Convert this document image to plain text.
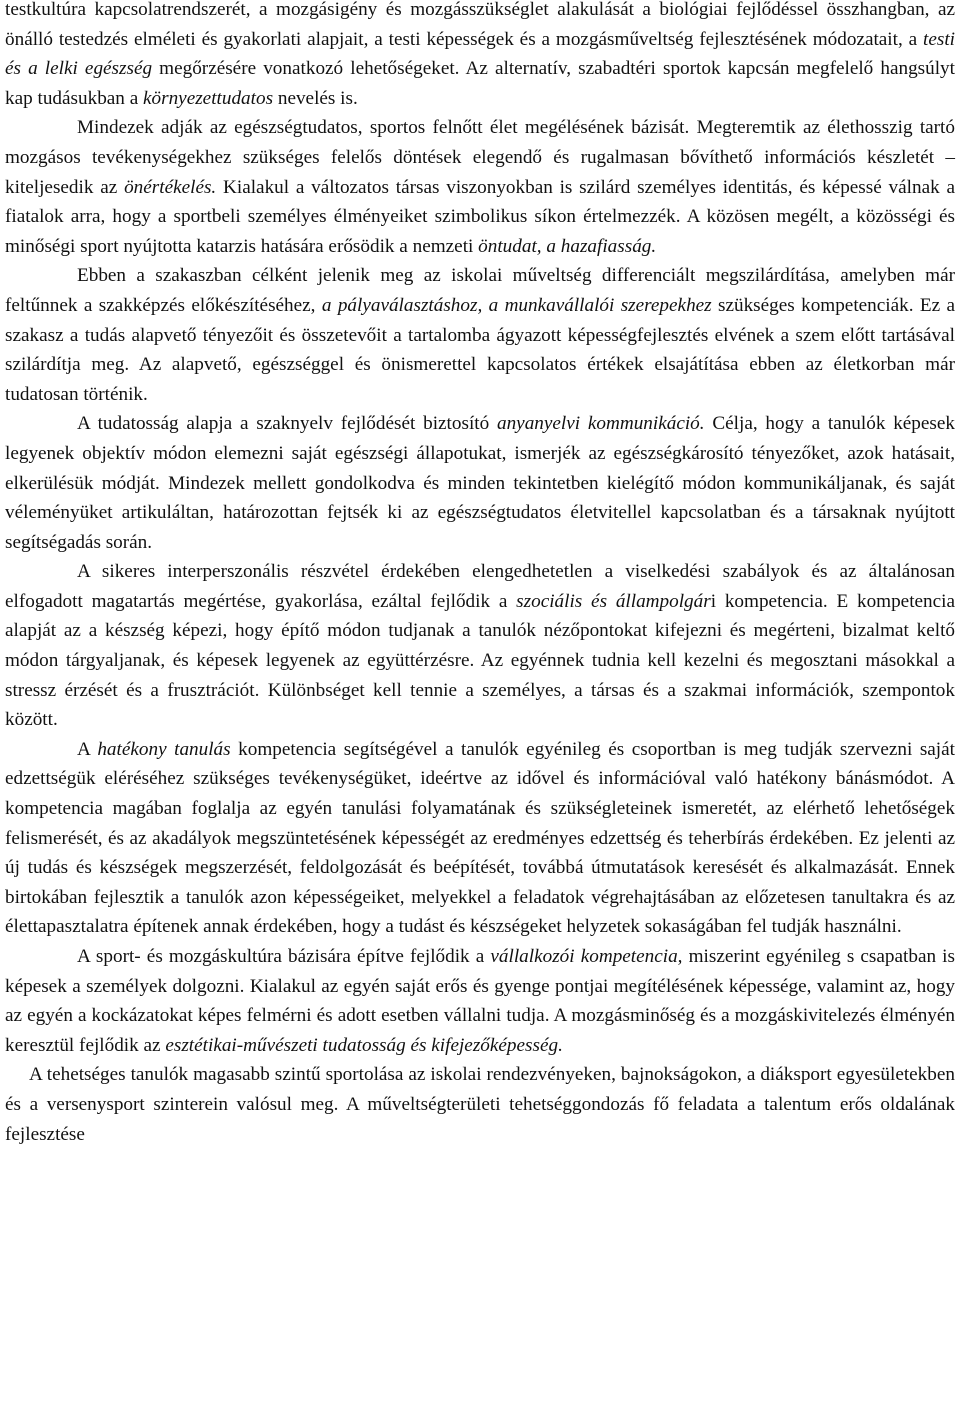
testkultúra kapcsolatrendszerét, a mozgásigény és mozgásszükséglet alakulását a biológiai fejlődéssel összhangban, az önálló testedzés elméleti és gyakorlati alapjait, a testi képességek és a mozgásműveltség fejlesztésének módozatait, a testi és a lelki egészség megőrzésére vonatkozó lehetőségeket. Az alternatív, szabadtéri sportok kapcsán megfelelő hangsúlyt kap tudásukban a környezettudatos nevelés is.

Mindezek adják az egészségtudatos, sportos felnőtt élet megélésének bázisát. Megteremtik az élethosszig tartó mozgásos tevékenységekhez szükséges felelős döntések elegendő és rugalmasan bővíthető információs készletét – kiteljesedik az önértékelés. Kialakul a változatos társas viszonyokban is szilárd személyes identitás, és képessé válnak a fiatalok arra, hogy a sportbeli személyes élményeiket szimbolikus síkon értelmezzék. A közösen megélt, a közösségi és minőségi sport nyújtotta katarzis hatására erősödik a nemzeti öntudat, a hazafiasság.

Ebben a szakaszban célként jelenik meg az iskolai műveltség differenciált megszilárdítása, amelyben már feltűnnek a szakképzés előkészítéséhez, a pályaválasztáshoz, a munkavállalói szerepekhez szükséges kompetenciák. Ez a szakasz a tudás alapvető tényezőit és összetevőit a tartalomba ágyazott képességfejlesztés elvének a szem előtt tartásával szilárdítja meg. Az alapvető, egészséggel és önismerettel kapcsolatos értékek elsajátítása ebben az életkorban már tudatosan történik.

A tudatosság alapja a szaknyelv fejlődését biztosító anyanyelvi kommunikáció. Célja, hogy a tanulók képesek legyenek objektív módon elemezni saját egészségi állapotukat, ismerjék az egészségkárosító tényezőket, azok hatásait, elkerülésük módját. Mindezek mellett gondolkodva és minden tekintetben kielégítő módon kommunikáljanak, és saját véleményüket artikuláltan, határozottan fejtsék ki az egészségtudatos életvitellel kapcsolatban és a társaknak nyújtott segítségadás során.

A sikeres interperszonális részvétel érdekében elengedhetetlen a viselkedési szabályok és az általánosan elfogadott magatartás megértése, gyakorlása, ezáltal fejlődik a szociális és állampolgári kompetencia. E kompetencia alapját az a készség képezi, hogy építő módon tudjanak a tanulók nézőpontokat kifejezni és megérteni, bizalmat keltő módon tárgyaljanak, és képesek legyenek az együttérzésre. Az egyénnek tudnia kell kezelni és megosztani másokkal a stressz érzését és a frusztrációt. Különbséget kell tennie a személyes, a társas és a szakmai információk, szempontok között.

A hatékony tanulás kompetencia segítségével a tanulók egyénileg és csoportban is meg tudják szervezni saját edzettségük eléréséhez szükséges tevékenységüket, ideértve az idővel és információval való hatékony bánásmódot. A kompetencia magában foglalja az egyén tanulási folyamatának és szükségleteinek ismeretét, az elérhető lehetőségek felismerését, és az akadályok megszüntetésének képességét az eredményes edzettség és teherbírás érdekében. Ez jelenti az új tudás és készségek megszerzését, feldolgozását és beépítését, továbbá útmutatások keresését és alkalmazását. Ennek birtokában fejlesztik a tanulók azon képességeiket, melyekkel a feladatok végrehajtásában az előzetesen tanultakra és az élettapasztalatra építenek annak érdekében, hogy a tudást és készségeket helyzetek sokaságában fel tudják használni.

A sport- és mozgáskultúra bázisára építve fejlődik a vállalkozói kompetencia, miszerint egyénileg s csapatban is képesek a személyek dolgozni. Kialakul az egyén saját erős és gyenge pontjai megítélésének képessége, valamint az, hogy az egyén a kockázatokat képes felmérni és adott esetben vállalni tudja. A mozgásminőség és a mozgáskivitelezés élményén keresztül fejlődik az esztétikai-művészeti tudatosság és kifejezőképesség.

A tehetséges tanulók magasabb szintű sportolása az iskolai rendezvényeken, bajnokságokon, a diáksport egyesületekben és a versenysport szinterein valósul meg. A műveltségterületi tehetséggondozás fő feladata a talentum erős oldalának fejlesztése
